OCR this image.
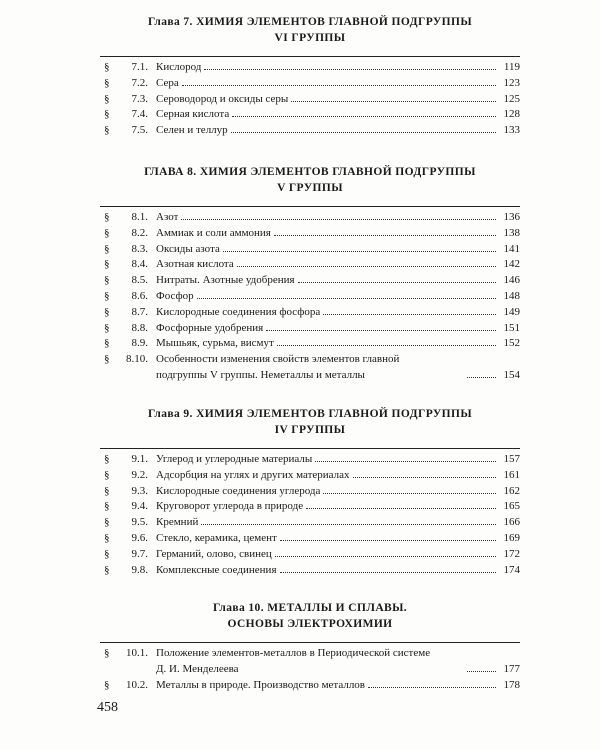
Глава 7. ХИМИЯ ЭЛЕМЕНТОВ ГЛАВНОЙ ПОДГРУППЫ

VI ГРУППЫ

§	7.1. Кислород	119
§	7.2. Сера	123
§	7.3. Сероводород и оксиды серы	125
§	7.4. Серная кислота	128
§	7.5. Селен и теллур	133

ГЛАВА 8. ХИМИЯ ЭЛЕМЕНТОВ ГЛАВНОЙ ПОДГРУППЫ

V ГРУППЫ

§	8.1. Азот	136
§	8.2. Аммиак и соли аммония	138
§	8.3. Оксиды азота	141
§	8.4. Азотная кислота	142
§	8.5. Нитраты. Азотные удобрения	146
§	8.6. Фосфор	148
§	8.7. Кислородные соединения фосфора	149
§	8.8. Фосфорные удобрения	151
§	8.9. Мышьяк, сурьма, висмут	152
§	8.10. Особенности изменения свойств элементов главной
подгруппы V группы. Неметаллы и металлы	154

Глава 9. ХИМИЯ ЭЛЕМЕНТОВ ГЛАВНОЙ ПОДГРУППЫ

IV ГРУППЫ

§	9.1. Углерод и углеродные материалы	157
§	9.2. Адсорбция на углях и других материалах	161
§	9.3. Кислородные соединения углерода	162
§	9.4. Круговорот углерода в природе	165
§	9.5. Кремний	166
§	9.6. Стекло, керамика, цемент	169
§	9.7. Германий, олово, свинец	172
§	9.8. Комплексные соединения	174

Глава 10. МЕТАЛЛЫ И СПЛАВЫ.

ОСНОВЫ ЭЛЕКТРОХИМИИ

§	10.1. Положение элементов-металлов в Периодической системе
Д. И. Менделеева	177
§	10.2. Металлы в природе. Производство металлов	178
458
